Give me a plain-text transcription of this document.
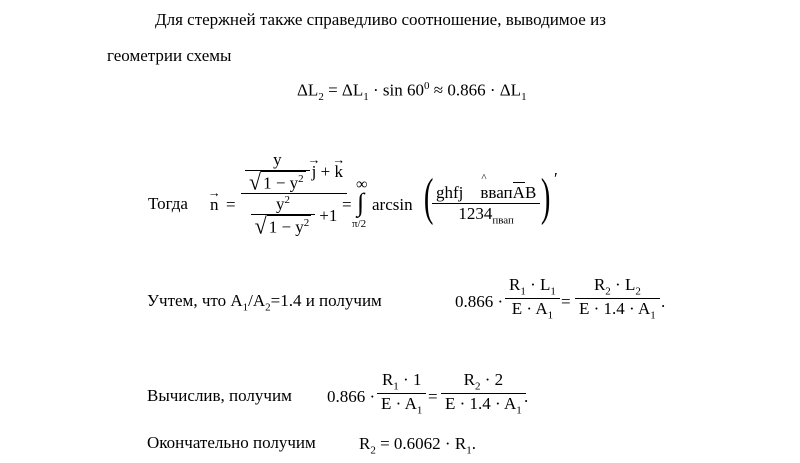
Для стержней также справедливо соотношение, выводимое из
геометрии схемы
$\Delta L_2 = \Delta L_1 \cdot \sin 60^0 \approx 0.866 \cdot \Delta L_1$
Тогда
→ n =
$\frac{y}{√ 1 - y^2}$
→ j + → k
$\frac{y^2}{√ 1 - y^2} +1$
=
∞
∫
π/2
arcsin (
ghfj
^
ввапAB
$1234_{пвап}$ ) ′
Учтем, что $A_1/A_2=1.4$ и получим	$0.866 \cdot \frac{R_1 \cdot L_1}{E \cdot A_1} = \frac{R_2 \cdot L_2}{E \cdot 1.4 \cdot A_1}$ .
Вычислив, получим $0.866 \cdot \frac{R_1 \cdot 1}{E \cdot A_1} = \frac{R_2 \cdot 2}{E \cdot 1.4 \cdot A_1}$
.
Окончательно получим	$R_2 = 0.6062 \cdot R_1$.
